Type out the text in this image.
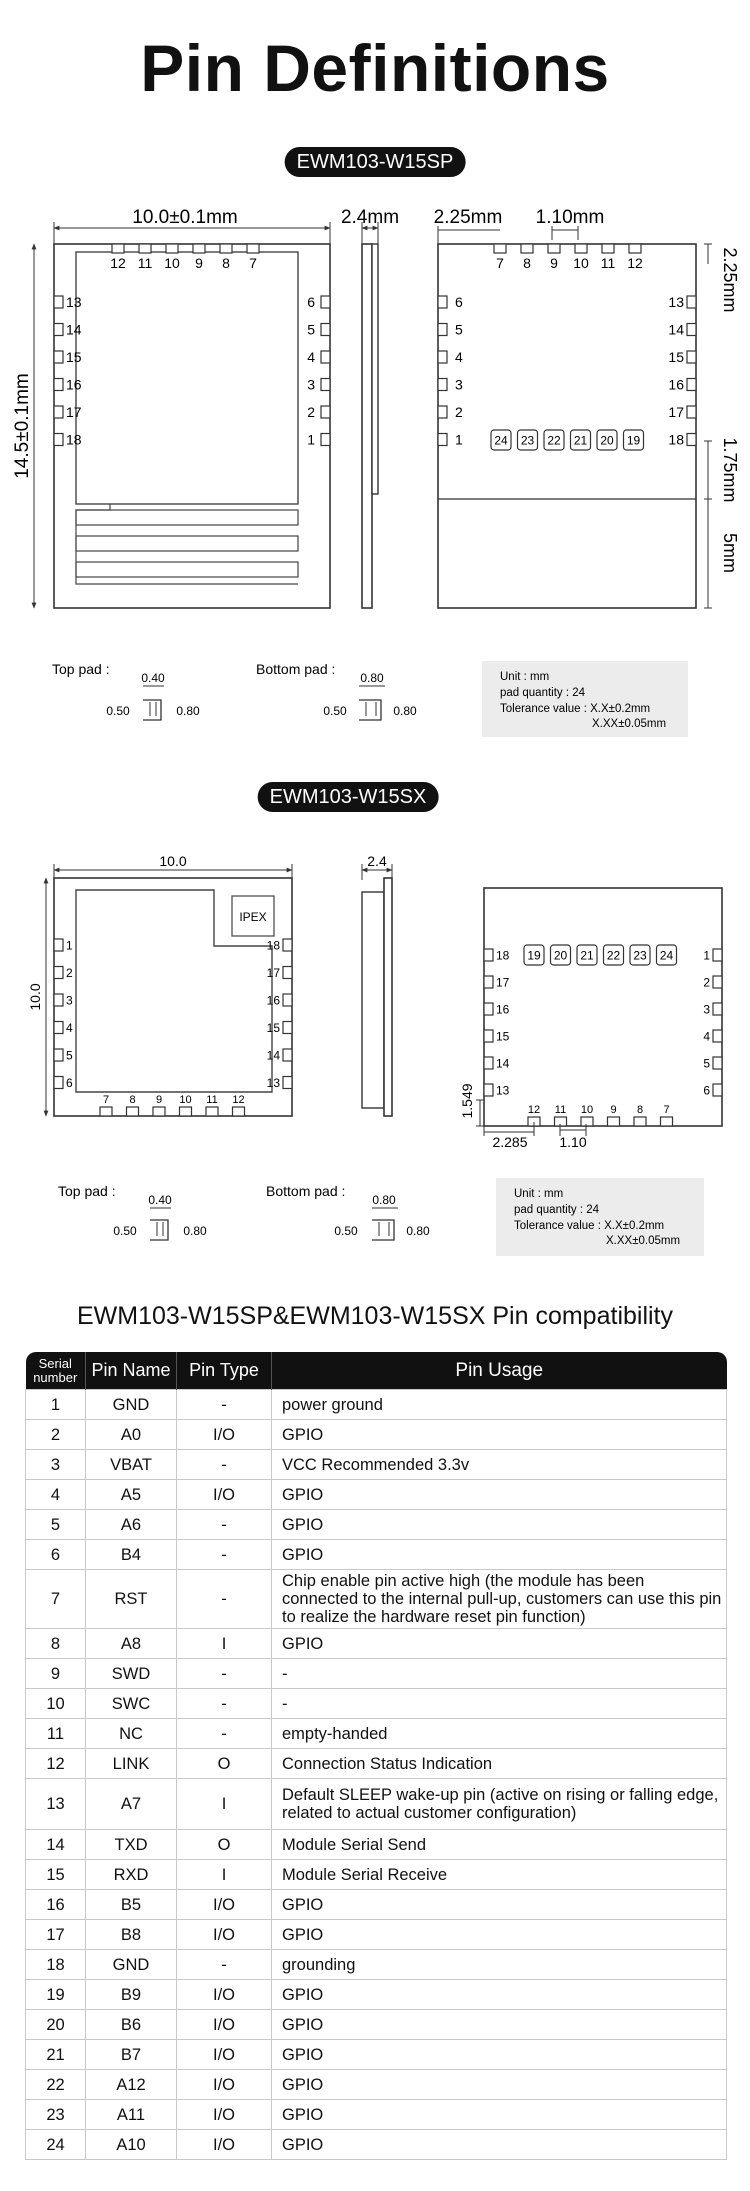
Pin Definitions
EWM103-W15SP
10.0±0.1mm
14.5±0.1mm
12 11 10 9 8 7
13
14
15
16
17
18
6
5
4
3
2
1
2.4mm 2.25mm 1.10mm
2.25mm
1.75mm
5mm
7 8 9 10 11 12
6
5
4
3
2
1
13
14
15
16
17
18
24 23 22 21 20 19
Top pad :
0.40
0.50	0.80
Bottom pad :
0.80
0.50	0.80
Unit : mm
pad quantity : 24
Tolerance value : X.X±0.2mm
X.XX±0.05mm
EWM103-W15SX
10.0
10.0
IPEX
1
2
3
4
5
6
18
17
16
15
14
13
7 8 9 10 11 12
2.4
18
17
16
15
14
13
1
2
3
4
5
6
12 11 10 9 8 7
19 20 21 22 23 24
1.549
2.285 1.10
Top pad :
0.40
0.50	0.80
Bottom pad :
0.80
0.50	0.80
Unit : mm
pad quantity : 24
Tolerance value : X.X±0.2mm
X.XX±0.05mm
EWM103-W15SP&EWM103-W15SX Pin compatibility
Serial
number	Pin Name	Pin Type	Pin Usage
1	GND	-	power ground
2	A0	I/O	GPIO
3	VBAT	-	VCC Recommended 3.3v
4	A5	I/O	GPIO
5	A6	-	GPIO
6	B4	-	GPIO
7	RST	-	Chip enable pin active high (the module has been connected to the internal pull-up, customers can use this pin to realize the hardware reset pin function)
8	A8	I	GPIO
9	SWD	-	-
10	SWC	-	-
11	NC	-	empty-handed
12	LINK	O	Connection Status Indication
13	A7	I	Default SLEEP wake-up pin (active on rising or falling edge, related to actual customer configuration)
14	TXD	O	Module Serial Send
15	RXD	I	Module Serial Receive
16	B5	I/O	GPIO
17	B8	I/O	GPIO
18	GND	-	grounding
19	B9	I/O	GPIO
20	B6	I/O	GPIO
21	B7	I/O	GPIO
22	A12	I/O	GPIO
23	A11	I/O	GPIO
24	A10	I/O	GPIO
